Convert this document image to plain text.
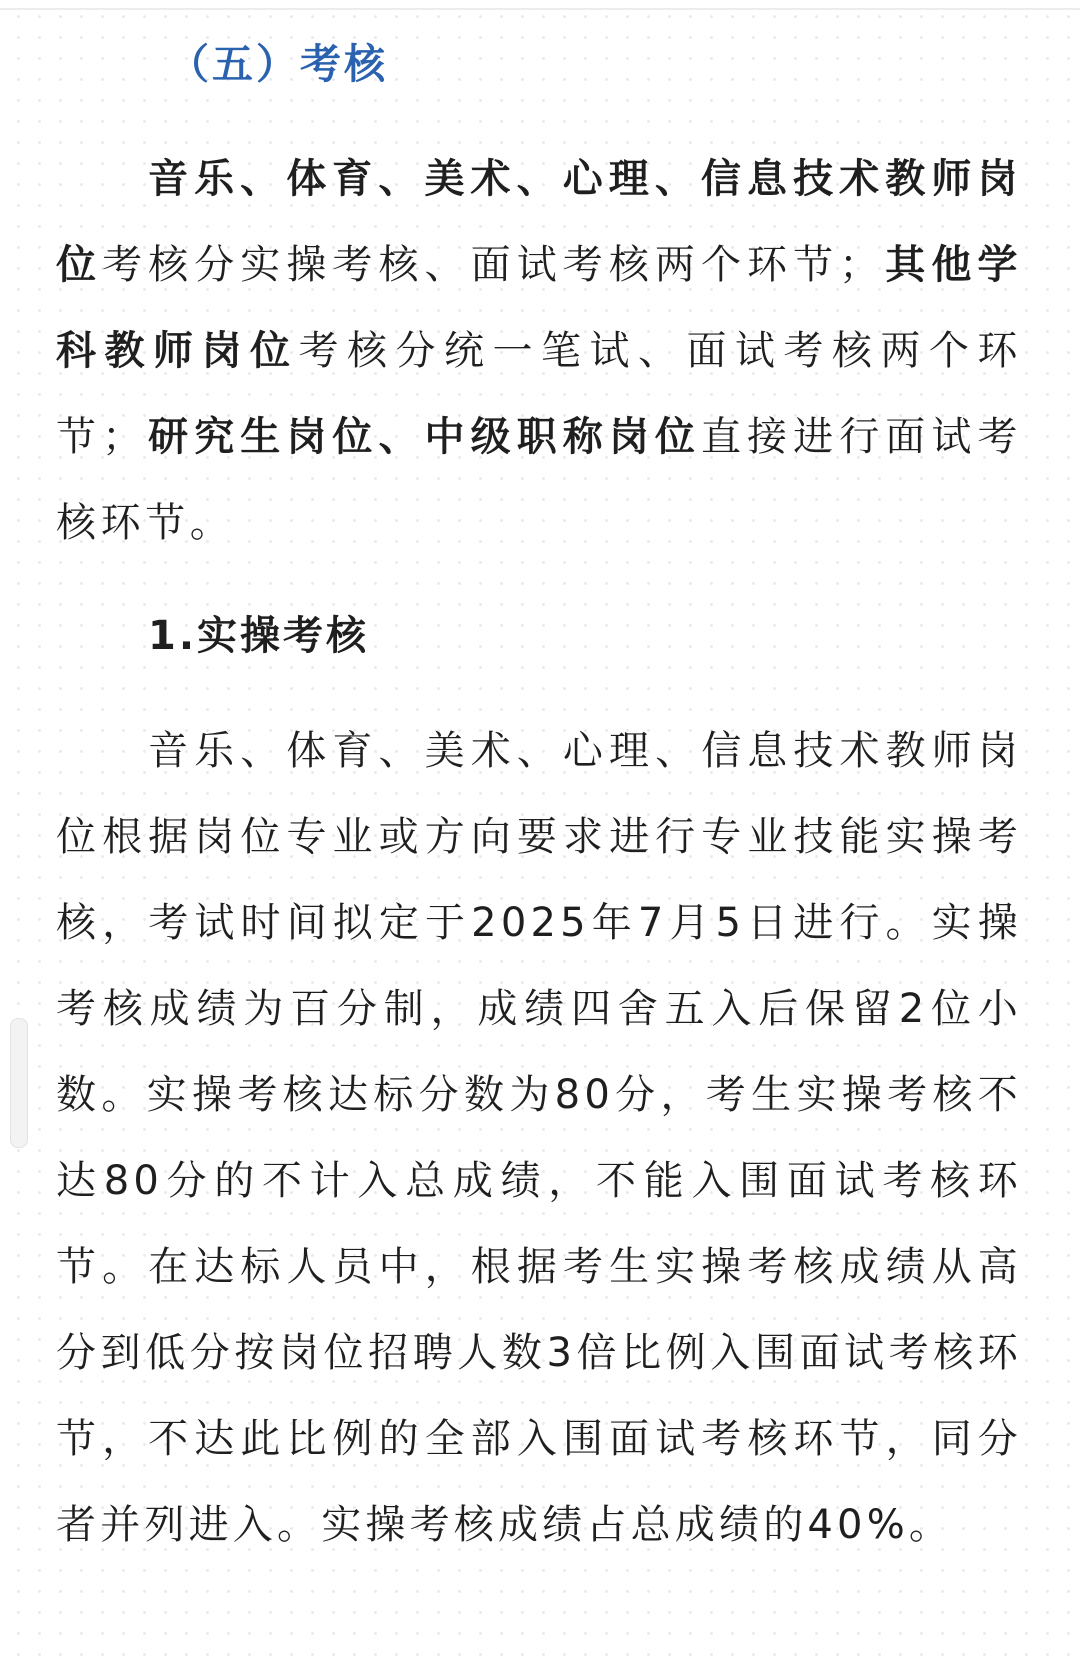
（五）考核

音乐、体育、美术、心理、信息技术教师岗位考核分实操考核、面试考核两个环节；其他学科教师岗位考核分统一笔试、面试考核两个环节；研究生岗位、中级职称岗位直接进行面试考核环节。

1.实操考核

音乐、体育、美术、心理、信息技术教师岗位根据岗位专业或方向要求进行专业技能实操考核，考试时间拟定于2025年7月5日进行。实操考核成绩为百分制，成绩四舍五入后保留2位小数。实操考核达标分数为80分，考生实操考核不达80分的不计入总成绩，不能入围面试考核环节。在达标人员中，根据考生实操考核成绩从高分到低分按岗位招聘人数3倍比例入围面试考核环节，不达此比例的全部入围面试考核环节，同分者并列进入。实操考核成绩占总成绩的40%。
